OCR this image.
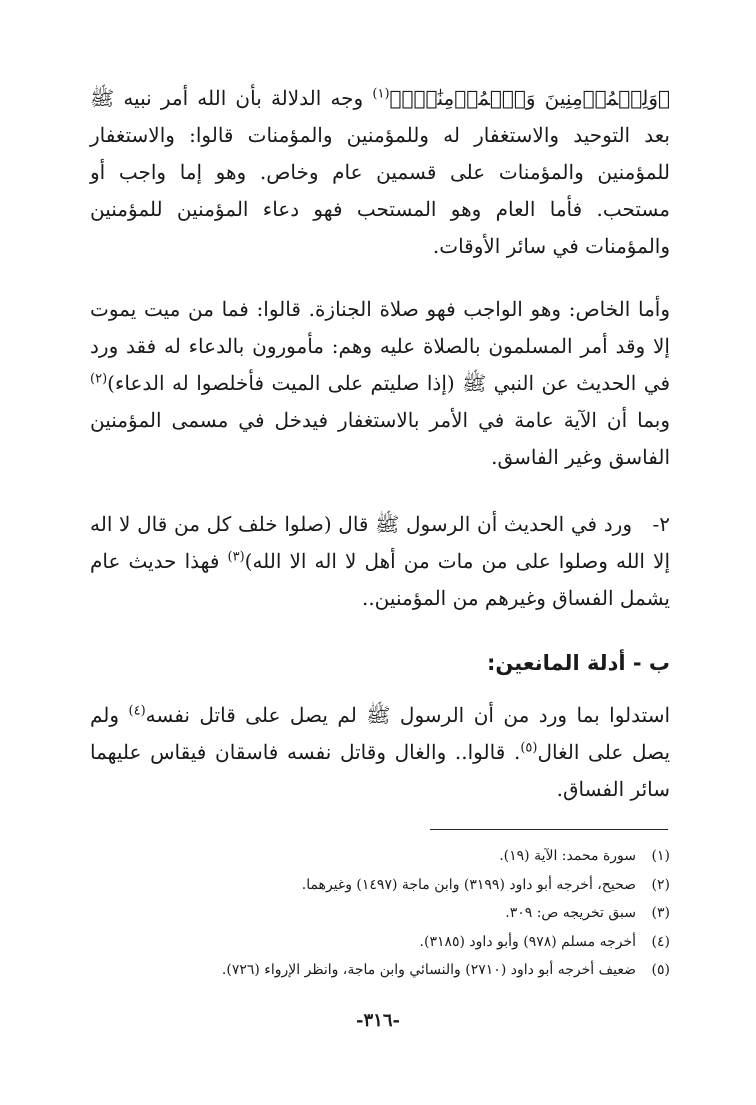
﴿وَلِلۡمُؤۡمِنِينَ وَٱلۡمُؤۡمِنَٰتِۗ﴾$^{(١)}$ وجه الدلالة بأن الله أمر نبيه ﷺ بعد التوحيد والاستغفار له وللمؤمنين والمؤمنات قالوا: والاستغفار للمؤمنين والمؤمنات على قسمين عام وخاص. وهو إما واجب أو مستحب. فأما العام وهو المستحب فهو دعاء المؤمنين للمؤمنين والمؤمنات في سائر الأوقات.

وأما الخاص: وهو الواجب فهو صلاة الجنازة. قالوا: فما من ميت يموت إلا وقد أمر المسلمون بالصلاة عليه وهم: مأمورون بالدعاء له فقد ورد في الحديث عن النبي ﷺ (إذا صليتم على الميت فأخلصوا له الدعاء)$^{(٢)}$ وبما أن الآية عامة في الأمر بالاستغفار فيدخل في مسمى المؤمنين الفاسق وغير الفاسق.

٢-ورد في الحديث أن الرسول ﷺ قال (صلوا خلف كل من قال لا اله إلا الله وصلوا على من مات من أهل لا اله الا الله)$^{(٣)}$ فهذا حديث عام يشمل الفساق وغيرهم من المؤمنين..

ب - أدلة المانعين:

استدلوا بما ورد من أن الرسول ﷺ لم يصل على قاتل نفسه$^{(٤)}$ ولم يصل على الغال$^{(٥)}$. قالوا.. والغال وقاتل نفسه فاسقان فيقاس عليهما سائر الفساق.

(١)سورة محمد: الآية (١٩).
(٢)صحيح، أخرجه أبو داود (٣١٩٩) وابن ماجة (١٤٩٧) وغيرهما.
(٣)سبق تخريجه ص: ٣٠٩.
(٤)أخرجه مسلم (٩٧٨) وأبو داود (٣١٨٥).
(٥)ضعيف أخرجه أبو داود (٢٧١٠) والنسائي وابن ماجة، وانظر الإرواء (٧٢٦).
-٣١٦-
